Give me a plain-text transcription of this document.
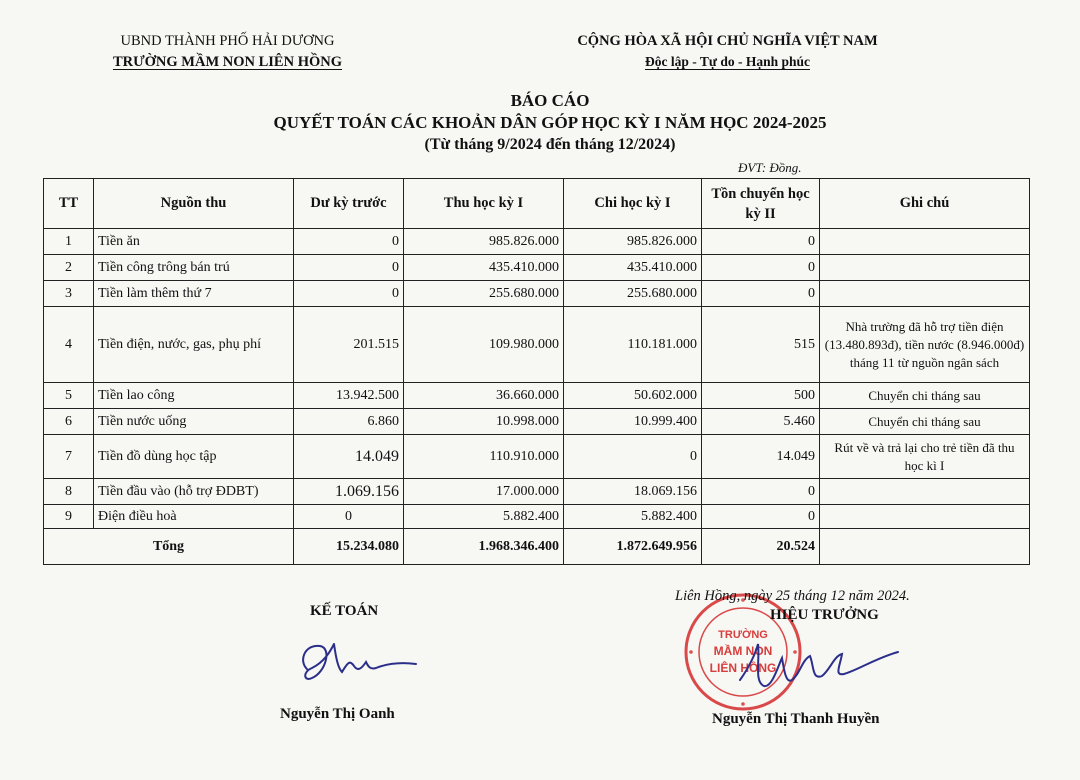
UBND THÀNH PHỐ HẢI DƯƠNG
TRƯỜNG MẦM NON LIÊN HỒNG
CỘNG HÒA XÃ HỘI CHỦ NGHĨA VIỆT NAM
Độc lập - Tự do - Hạnh phúc
BÁO CÁO
QUYẾT TOÁN CÁC KHOẢN DÂN GÓP HỌC KỲ I NĂM HỌC 2024-2025
(Từ tháng 9/2024 đến tháng 12/2024)
ĐVT: Đồng.
TT	Nguồn thu	Dư kỳ trước	Thu học kỳ I	Chi học kỳ I	Tồn chuyển học kỳ II	Ghi chú
1	Tiền ăn	0	985.826.000	985.826.000	0	
2	Tiền công trông bán trú	0	435.410.000	435.410.000	0	
3	Tiền làm thêm thứ 7	0	255.680.000	255.680.000	0	
4	Tiền điện, nước, gas, phụ phí	201.515	109.980.000	110.181.000	515	Nhà trường đã hỗ trợ tiền điện (13.480.893đ), tiền nước (8.946.000đ) tháng 11 từ nguồn ngân sách
5	Tiền lao công	13.942.500	36.660.000	50.602.000	500	Chuyển chi tháng sau
6	Tiền nước uống	6.860	10.998.000	10.999.400	5.460	Chuyển chi tháng sau
7	Tiền đồ dùng học tập	14.049	110.910.000	0	14.049	Rút về và trả lại cho trẻ tiền đã thu học kì I
8	Tiền đầu vào (hỗ trợ ĐDBT)	1.069.156	17.000.000	18.069.156	0	
9	Điện điều hoà	0	5.882.400	5.882.400	0	
Tổng		15.234.080	1.968.346.400	1.872.649.956	20.524	
TRƯỜNG
MẦM NON
LIÊN HỒNG
Liên Hồng, ngày 25 tháng 12 năm 2024.
KẾ TOÁN
Nguyễn Thị Oanh
HIỆU TRƯỞNG
Nguyễn Thị Thanh Huyền
